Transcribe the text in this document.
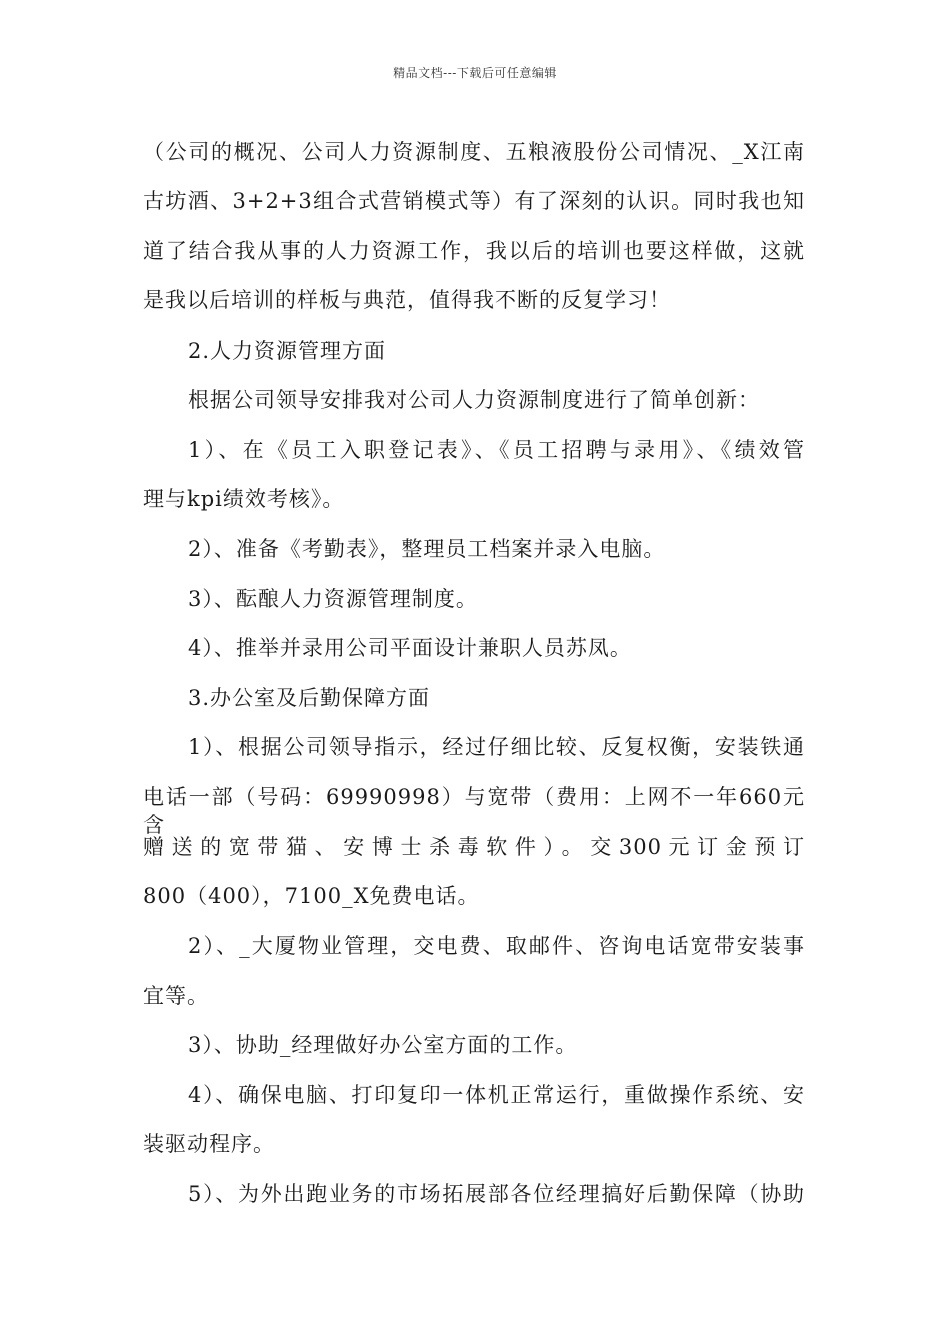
精品文档---下载后可任意编辑
（公司的概况、公司人力资源制度、五粮液股份公司情况、_X江南
古坊酒、3+2+3组合式营销模式等）有了深刻的认识。同时我也知
道了结合我从事的人力资源工作，我以后的培训也要这样做，这就
是我以后培训的样板与典范，值得我不断的反复学习！
2.人力资源管理方面
根据公司领导安排我对公司人力资源制度进行了简单创新：
1）、在《员工入职登记表》、《员工招聘与录用》、《绩效管
理与kpi绩效考核》。
2）、准备《考勤表》，整理员工档案并录入电脑。
3）、酝酿人力资源管理制度。
4）、推举并录用公司平面设计兼职人员苏凤。
3.办公室及后勤保障方面
1）、根据公司领导指示，经过仔细比较、反复权衡，安装铁通
电话一部（号码：69990998）与宽带（费用：上网不一年660元含
赠送的宽带猫、安博士杀毒软件）。交300元订金预订
800（400），7100_X免费电话。
2）、_大厦物业管理，交电费、取邮件、咨询电话宽带安装事
宜等。
3）、协助_经理做好办公室方面的工作。
4）、确保电脑、打印复印一体机正常运行，重做操作系统、安
装驱动程序。
5）、为外出跑业务的市场拓展部各位经理搞好后勤保障（协助
